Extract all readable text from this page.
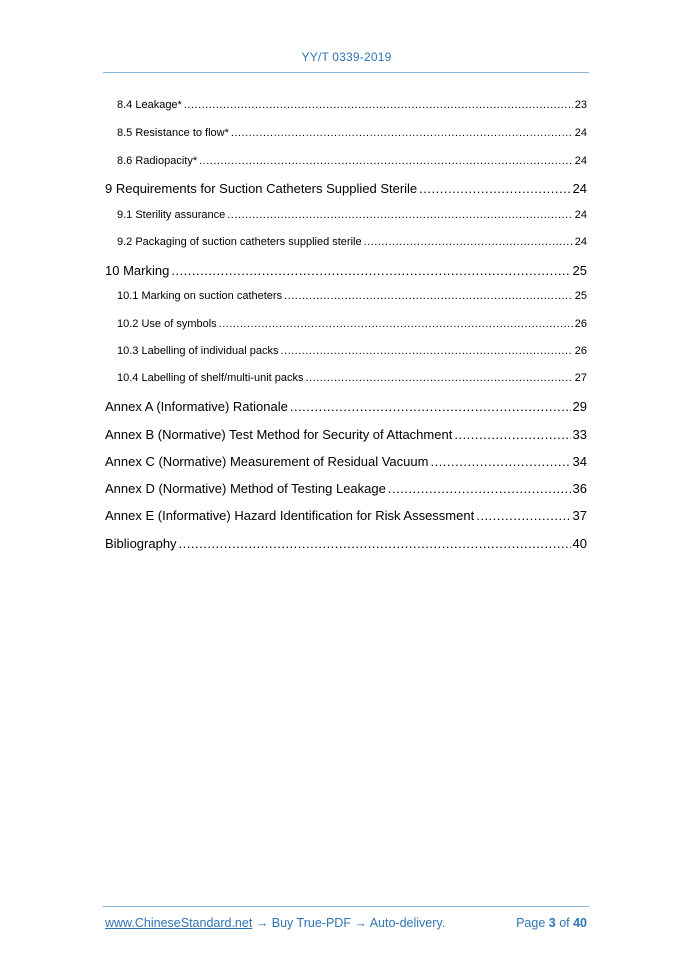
YY/T 0339-2019
8.4 Leakage* .....	23
8.5 Resistance to flow* .....	24
8.6 Radiopacity* .....	24
9 Requirements for Suction Catheters Supplied Sterile .....	24
9.1 Sterility assurance .....	24
9.2 Packaging of suction catheters supplied sterile .....	24
10 Marking .....	25
10.1 Marking on suction catheters .....	25
10.2 Use of symbols .....	26
10.3 Labelling of individual packs .....	26
10.4 Labelling of shelf/multi-unit packs .....	27
Annex A (Informative) Rationale .....	29
Annex B (Normative) Test Method for Security of Attachment .....	33
Annex C (Normative) Measurement of Residual Vacuum .....	34
Annex D (Normative) Method of Testing Leakage .....	36
Annex E (Informative) Hazard Identification for Risk Assessment .....	37
Bibliography .....	40
www.ChineseStandard.net → Buy True-PDF → Auto-delivery.	Page 3 of 40
